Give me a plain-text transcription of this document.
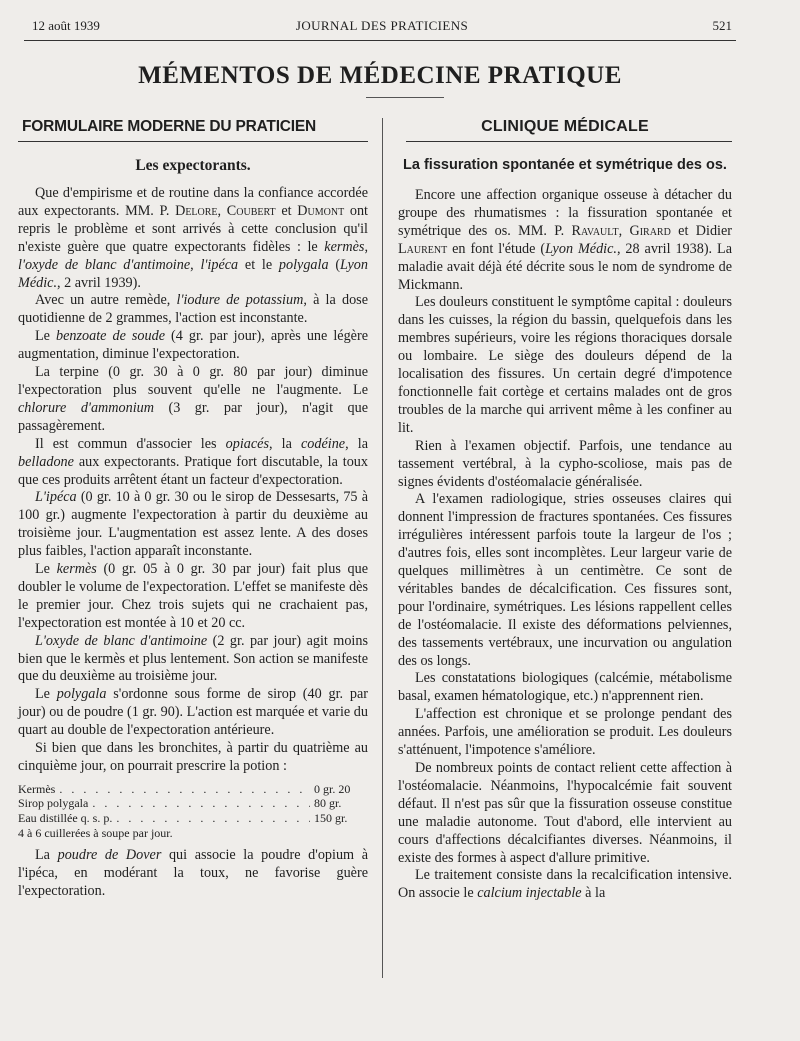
12 août 1939	JOURNAL DES PRATICIENS	521
MÉMENTOS DE MÉDECINE PRATIQUE
FORMULAIRE MODERNE DU PRATICIEN
Les expectorants.

Que d'empirisme et de routine dans la confiance accordée aux expectorants. MM. P. Delore, Coubert et Dumont ont repris le problème et sont arrivés à cette conclusion qu'il n'existe guère que quatre expectorants fidèles : le kermès, l'oxyde de blanc d'antimoine, l'ipéca et le polygala (Lyon Médic., 2 avril 1939).

Avec un autre remède, l'iodure de potassium, à la dose quotidienne de 2 grammes, l'action est inconstante.

Le benzoate de soude (4 gr. par jour), après une légère augmentation, diminue l'expectoration.

La terpine (0 gr. 30 à 0 gr. 80 par jour) diminue l'expectoration plus souvent qu'elle ne l'augmente. Le chlorure d'ammonium (3 gr. par jour), n'agit que passagèrement.

Il est commun d'associer les opiacés, la codéine, la belladone aux expectorants. Pratique fort discutable, la toux que ces produits arrêtent étant un facteur d'expectoration.

L'ipéca (0 gr. 10 à 0 gr. 30 ou le sirop de Dessesarts, 75 à 100 gr.) augmente l'expectoration à partir du deuxième au troisième jour. L'augmentation est assez lente. A des doses plus faibles, l'action apparaît inconstante.

Le kermès (0 gr. 05 à 0 gr. 30 par jour) fait plus que doubler le volume de l'expectoration. L'effet se manifeste dès le premier jour. Chez trois sujets qui ne crachaient pas, l'expectoration est montée à 10 et 20 cc.

L'oxyde de blanc d'antimoine (2 gr. par jour) agit moins bien que le kermès et plus lentement. Son action se manifeste que du deuxième au troisième jour.

Le polygala s'ordonne sous forme de sirop (40 gr. par jour) ou de poudre (1 gr. 90). L'action est marquée et varie du quart au double de l'expectoration antérieure.

Si bien que dans les bronchites, à partir du quatrième au cinquième jour, on pourrait prescrire la potion :

Kermès . . .	0 gr. 20
Sirop polygala . . .	80 gr.
Eau distillée q. s. p. . . .	150 gr.
4 à 6 cuillerées à soupe par jour.

La poudre de Dover qui associe la poudre d'opium à l'ipéca, en modérant la toux, ne favorise guère l'expectoration.

CLINIQUE MÉDICALE
La fissuration spontanée et symétrique des os.

Encore une affection organique osseuse à détacher du groupe des rhumatismes : la fissuration spontanée et symétrique des os. MM. P. Ravault, Girard et Didier Laurent en font l'étude (Lyon Médic., 28 avril 1938). La maladie avait déjà été décrite sous le nom de syndrome de Mickmann.

Les douleurs constituent le symptôme capital : douleurs dans les cuisses, la région du bassin, quelquefois dans les membres supérieurs, voire les régions thoraciques dorsale ou lombaire. Le siège des douleurs dépend de la localisation des fissures. Un certain degré d'impotence fonctionnelle fait cortège et certains malades ont de gros troubles de la marche qui arrivent même à les confiner au lit.

Rien à l'examen objectif. Parfois, une tendance au tassement vertébral, à la cypho-scoliose, mais pas de signes évidents d'ostéomalacie généralisée.

A l'examen radiologique, stries osseuses claires qui donnent l'impression de fractures spontanées. Ces fissures irrégulières intéressent parfois toute la largeur de l'os ; d'autres fois, elles sont incomplètes. Leur largeur varie de quelques millimètres à un centimètre. Ce sont de véritables bandes de décalcification. Ces fissures sont, pour l'ordinaire, symétriques. Les lésions rappellent celles de l'ostéomalacie. Il existe des déformations pelviennes, des tassements vertébraux, une incurvation ou angulation des os longs.

Les constatations biologiques (calcémie, métabolisme basal, examen hématologique, etc.) n'apprennent rien.

L'affection est chronique et se prolonge pendant des années. Parfois, une amélioration se produit. Les douleurs s'atténuent, l'impotence s'améliore.

De nombreux points de contact relient cette affection à l'ostéomalacie. Néanmoins, l'hypocalcémie fait souvent défaut. Il n'est pas sûr que la fissuration osseuse constitue une maladie autonome. Tout d'abord, elle intervient au cours d'affections décalcifiantes diverses. Néanmoins, il existe des formes à aspect d'allure primitive.

Le traitement consiste dans la recalcification intensive. On associe le calcium injectable à la
